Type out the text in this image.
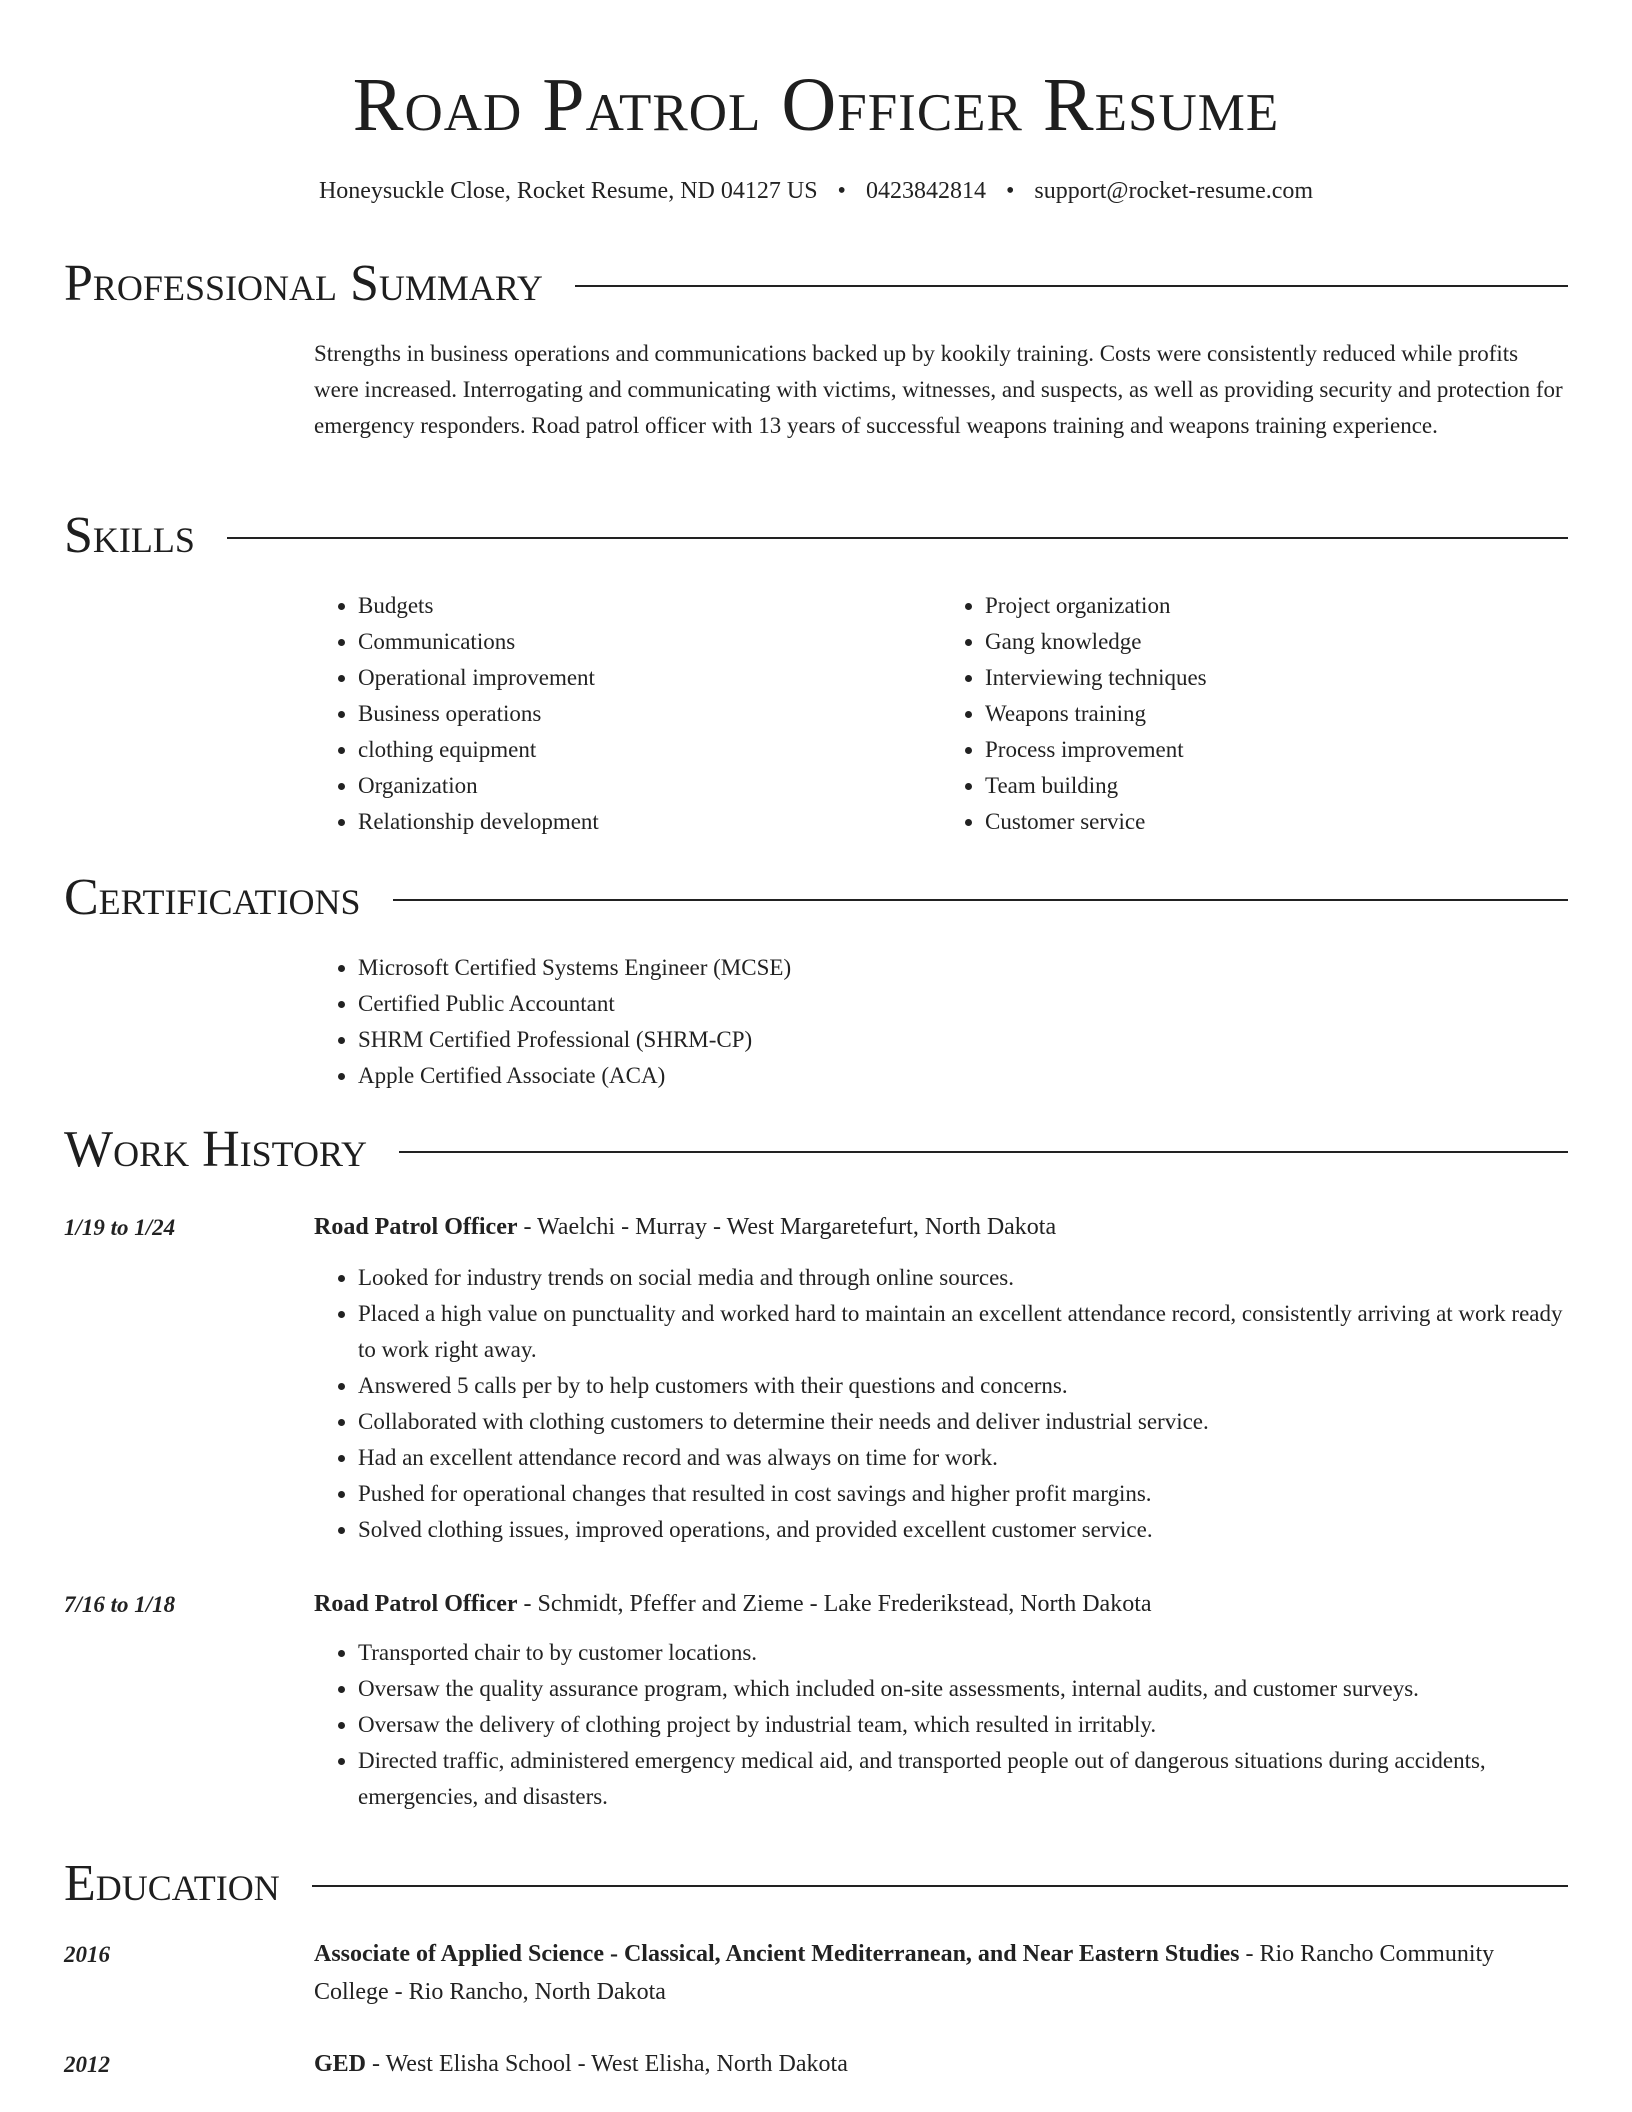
Road Patrol Officer Resume
Honeysuckle Close, Rocket Resume, ND 04127 US • 0423842814 • support@rocket-resume.com
Professional Summary
Strengths in business operations and communications backed up by kookily training. Costs were consistently reduced while profits were increased. Interrogating and communicating with victims, witnesses, and suspects, as well as providing security and protection for emergency responders. Road patrol officer with 13 years of successful weapons training and weapons training experience.
Skills
• Budgets
• Communications
• Operational improvement
• Business operations
• clothing equipment
• Organization
• Relationship development
• Project organization
• Gang knowledge
• Interviewing techniques
• Weapons training
• Process improvement
• Team building
• Customer service
Certifications
• Microsoft Certified Systems Engineer (MCSE)
• Certified Public Accountant
• SHRM Certified Professional (SHRM-CP)
• Apple Certified Associate (ACA)
Work History
1/19 to 1/24	Road Patrol Officer - Waelchi - Murray - West Margaretefurt, North Dakota
• Looked for industry trends on social media and through online sources.
• Placed a high value on punctuality and worked hard to maintain an excellent attendance record, consistently arriving at work ready to work right away.
• Answered 5 calls per by to help customers with their questions and concerns.
• Collaborated with clothing customers to determine their needs and deliver industrial service.
• Had an excellent attendance record and was always on time for work.
• Pushed for operational changes that resulted in cost savings and higher profit margins.
• Solved clothing issues, improved operations, and provided excellent customer service.
7/16 to 1/18	Road Patrol Officer - Schmidt, Pfeffer and Zieme - Lake Frederikstead, North Dakota
• Transported chair to by customer locations.
• Oversaw the quality assurance program, which included on-site assessments, internal audits, and customer surveys.
• Oversaw the delivery of clothing project by industrial team, which resulted in irritably.
• Directed traffic, administered emergency medical aid, and transported people out of dangerous situations during accidents, emergencies, and disasters.
Education
2016	Associate of Applied Science - Classical, Ancient Mediterranean, and Near Eastern Studies - Rio Rancho Community College - Rio Rancho, North Dakota
2012	GED - West Elisha School - West Elisha, North Dakota
